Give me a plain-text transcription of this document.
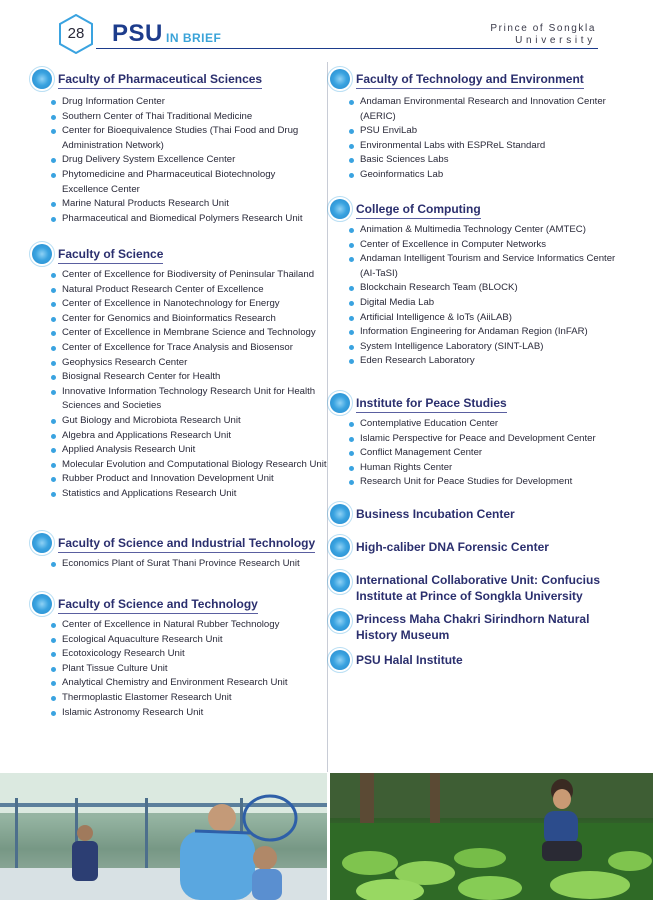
28	PSU IN BRIEF
Prince of Songkla
University
Faculty of Pharmaceutical Sciences
Drug Information Center
Southern Center of Thai Traditional Medicine
Center for Bioequivalence Studies (Thai Food and Drug Administration Network)
Drug Delivery System Excellence Center
Phytomedicine and Pharmaceutical Biotechnology Excellence Center
Marine Natural Products Research Unit
Pharmaceutical and Biomedical Polymers Research Unit
Faculty of Science
Center of Excellence for Biodiversity of Peninsular Thailand
Natural Product Research Center of Excellence
Center of Excellence in Nanotechnology for Energy
Center for Genomics and Bioinformatics Research
Center of Excellence in Membrane Science and Technology
Center of Excellence for Trace Analysis and Biosensor
Geophysics Research Center
Biosignal Research Center for Health
Innovative Information Technology Research Unit for Health Sciences and Societies
Gut Biology and Microbiota Research Unit
Algebra and Applications Research Unit
Applied Analysis Research Unit
Molecular Evolution and Computational Biology Research Unit
Rubber Product and Innovation Development Unit
Statistics and Applications Research Unit
Faculty of Science and Industrial Technology
Economics Plant of Surat Thani Province Research Unit
Faculty of Science and Technology
Center of Excellence in Natural Rubber Technology
Ecological Aquaculture Research Unit
Ecotoxicology Research Unit
Plant Tissue Culture Unit
Analytical Chemistry and Environment Research Unit
Thermoplastic Elastomer Research Unit
Islamic Astronomy Research Unit
Faculty of Technology and Environment
Andaman Environmental Research and Innovation Center (AERIC)
PSU EnviLab
Environmental Labs with ESPReL Standard
Basic Sciences Labs
Geoinformatics Lab
College of Computing
Animation & Multimedia Technology Center (AMTEC)
Center of Excellence in Computer Networks
Andaman Intelligent Tourism and Service Informatics Center (AI-TaSI)
Blockchain Research Team (BLOCK)
Digital Media Lab
Artificial Intelligence & IoTs (AiiLAB)
Information Engineering for Andaman Region (InFAR)
System Intelligence Laboratory (SINT-LAB)
Eden Research Laboratory
Institute for Peace Studies
Contemplative Education Center
Islamic Perspective for Peace and Development Center
Conflict Management Center
Human Rights Center
Research Unit for Peace Studies for Development
Business Incubation Center
High-caliber DNA Forensic Center
International Collaborative Unit: Confucius Institute at Prince of Songkla University
Princess Maha Chakri Sirindhorn Natural History Museum
PSU Halal Institute
